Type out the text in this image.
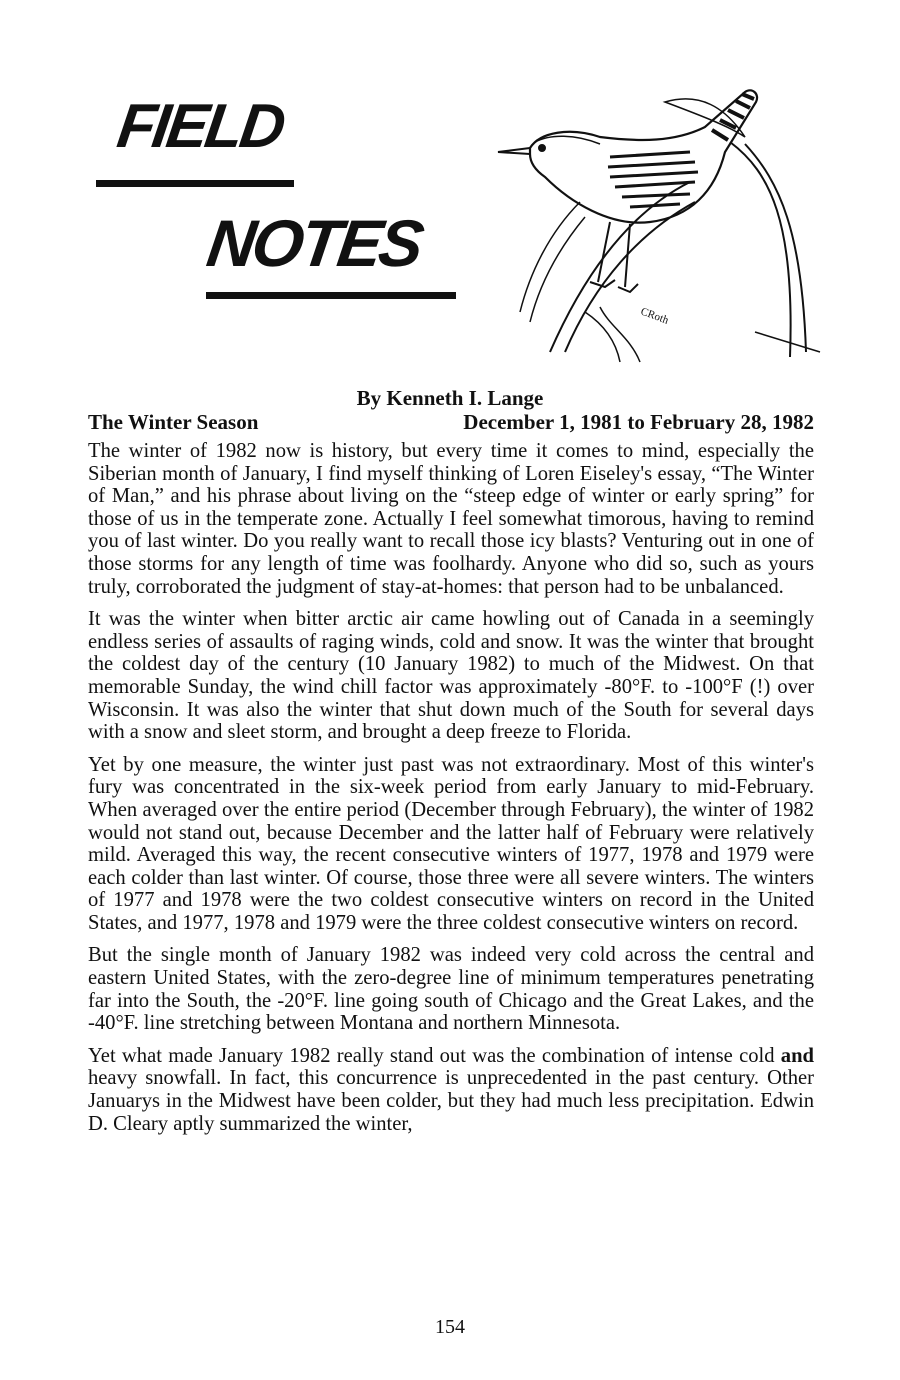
FIELD
NOTES
CRoth
By Kenneth I. Lange
The Winter Season	December 1, 1981 to February 28, 1982

The winter of 1982 now is history, but every time it comes to mind, especially the Siberian month of January, I find myself thinking of Loren Eiseley's essay, “The Winter of Man,” and his phrase about living on the “steep edge of winter or early spring” for those of us in the temperate zone. Actually I feel somewhat timorous, having to remind you of last winter. Do you really want to recall those icy blasts? Venturing out in one of those storms for any length of time was foolhardy. Anyone who did so, such as yours truly, corroborated the judgment of stay-at-homes: that person had to be unbalanced.

It was the winter when bitter arctic air came howling out of Canada in a seemingly endless series of assaults of raging winds, cold and snow. It was the winter that brought the coldest day of the century (10 January 1982) to much of the Midwest. On that memorable Sunday, the wind chill factor was approximately -80°F. to -100°F (!) over Wisconsin. It was also the winter that shut down much of the South for several days with a snow and sleet storm, and brought a deep freeze to Florida.

Yet by one measure, the winter just past was not extraordinary. Most of this winter's fury was concentrated in the six-week period from early January to mid-February. When averaged over the entire period (December through February), the winter of 1982 would not stand out, because December and the latter half of February were relatively mild. Averaged this way, the recent consecutive winters of 1977, 1978 and 1979 were each colder than last winter. Of course, those three were all severe winters. The winters of 1977 and 1978 were the two coldest consecutive winters on record in the United States, and 1977, 1978 and 1979 were the three coldest consecutive winters on record.

But the single month of January 1982 was indeed very cold across the central and eastern United States, with the zero-degree line of minimum temperatures penetrating far into the South, the -20°F. line going south of Chicago and the Great Lakes, and the -40°F. line stretching between Montana and northern Minnesota.

Yet what made January 1982 really stand out was the combination of intense cold and heavy snowfall. In fact, this concurrence is unprecedented in the past century. Other Januarys in the Midwest have been colder, but they had much less precipitation. Edwin D. Cleary aptly summarized the winter,

154
